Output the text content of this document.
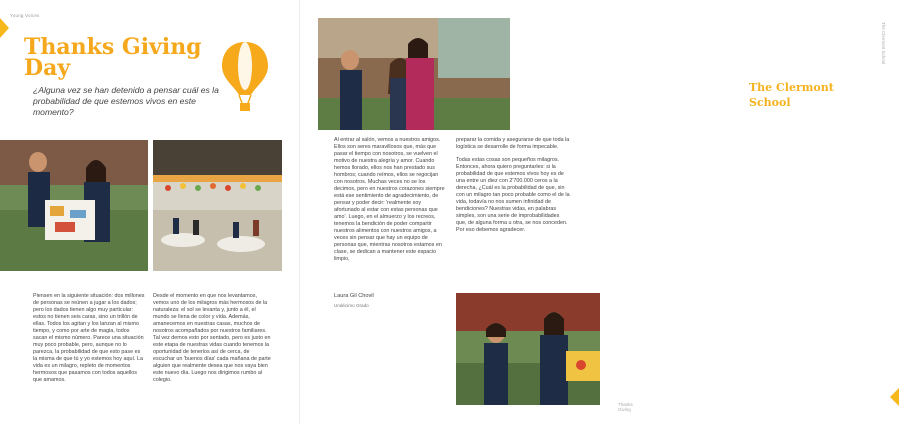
Young Voices
Thanks Giving Day

¿Alguna vez se han detenido a pensar cuál es la probabilidad de que estemos vivos en este momento?

Piensen en la siguiente situación: dos millones de personas se reúnen a jugar a los dados; pero los dados tienen algo muy particular: estos no tienen seis caras, sino un trillón de ellas. Todos los agitan y los lanzan al mismo tiempo, y como por arte de magia, todos sacan el mismo número. Parece una situación muy poco probable, pero, aunque no lo parezca, la probabilidad de que esto pase es la misma de que tú y yo estemos hoy aquí. La vida es un milagro, repleto de momentos hermosos que pasamos con todos aquellos que amamos.

Desde el momento en que nos levantamos, vemos uno de los milagros más hermosos de la naturaleza: el sol se levanta y, junto a él, el mundo se llena de color y vida. Además, amanecemos en nuestras casas, muchos de nosotros acompañados por nuestros familiares. Tal vez demos esto por sentado, pero es justo en este etapa de nuestras vidas cuando tenemos la oportunidad de tenerlos así de cerca, de escuchar un 'buenos días' cada mañana de parte alguien que realmente desea que nos vaya bien este nuevo día. Luego nos dirigimos rumbo al colegio.

The Clermont School
The Clermont School

Al entrar al salón, vemos a nuestros amigos. Ellos son seres maravillosos que, más que pasar el tiempo con nosotros, se vuelven el motivo de nuestra alegría y amor. Cuando hemos llorado, ellos nos han prestado sus hombros; cuando reímos, ellos se regocijan con nosotros. Muchas veces no se los decimos, pero en nuestros corazones siempre está ese sentimiento de agradecimiento, de pensar y poder decir: 'realmente soy afortunado al estar con estas personas que amo'. Luego, en el almuerzo y los recreos, tenemos la bendición de poder compartir nuestros alimentos con nuestros amigos, a veces sin pensar que hay un equipo de personas que, mientras nosotros estamos en clase, se dedican a mantener este espacio limpio,

Laura Gil Chovil
Undécimo Grado

preparar la comida y asegurarse de que toda la logística se desarrolle de forma impecable.

Todas estas cosas son pequeños milagros. Entonces, ahora quiero preguntarles: si la probabilidad de que estemos vivos hoy es de una entre un diez con 2'700.000 ceros a la derecha, ¿Cuál es la probabilidad de que, sin con un milagro tan poco probable como el de la vida, todavía no nos sumen infinidad de bendiciones? Nuestras vidas, en palabras simples, son una serie de improbabilidades que, de alguna forma u otra, se nos conceden. Por eso debemos agradecer.

Thanks Giving
